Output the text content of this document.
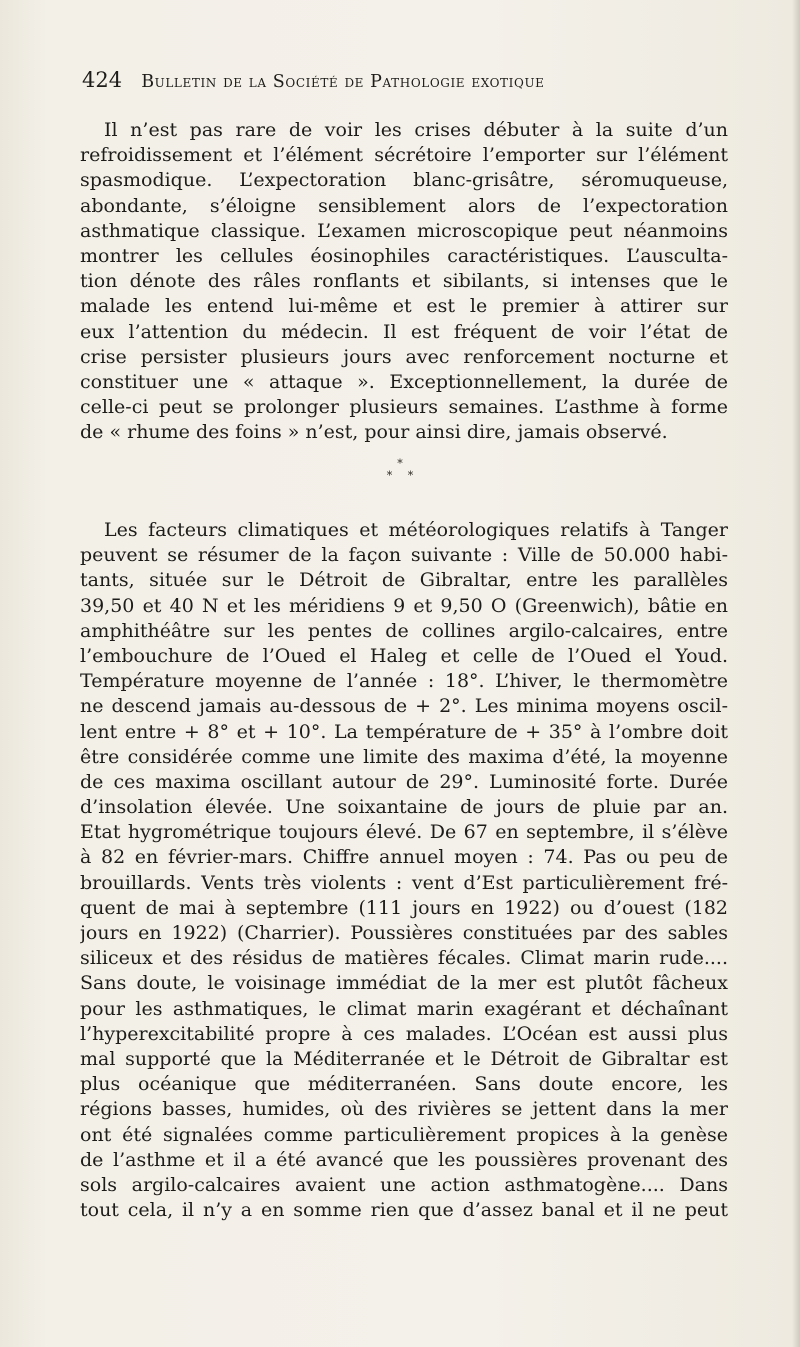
424 Bulletin de la Société de Pathologie exotique
Il n’est pas rare de voir les crises débuter à la suite d’un
refroidissement et l’élément sécrétoire l’emporter sur l’élément
spasmodique. L’expectoration blanc-grisâtre, séromuqueuse,
abondante, s’éloigne sensiblement alors de l’expectoration
asthmatique classique. L’examen microscopique peut néanmoins
montrer les cellules éosinophiles caractéristiques. L’ausculta-
tion dénote des râles ronflants et sibilants, si intenses que le
malade les entend lui-même et est le premier à attirer sur
eux l’attention du médecin. Il est fréquent de voir l’état de
crise persister plusieurs jours avec renforcement nocturne et
constituer une « attaque ». Exceptionnellement, la durée de
celle-ci peut se prolonger plusieurs semaines. L’asthme à forme
de « rhume des foins » n’est, pour ainsi dire, jamais observé.
*
* *
Les facteurs climatiques et météorologiques relatifs à Tanger
peuvent se résumer de la façon suivante : Ville de 50.000 habi-
tants, située sur le Détroit de Gibraltar, entre les parallèles
39,50 et 40 N et les méridiens 9 et 9,50 O (Greenwich), bâtie en
amphithéâtre sur les pentes de collines argilo-calcaires, entre
l’embouchure de l’Oued el Haleg et celle de l’Oued el Youd.
Température moyenne de l’année : 18°. L’hiver, le thermomètre
ne descend jamais au-dessous de + 2°. Les minima moyens oscil-
lent entre + 8° et + 10°. La température de + 35° à l’ombre doit
être considérée comme une limite des maxima d’été, la moyenne
de ces maxima oscillant autour de 29°. Luminosité forte. Durée
d’insolation élevée. Une soixantaine de jours de pluie par an.
Etat hygrométrique toujours élevé. De 67 en septembre, il s’élève
à 82 en février-mars. Chiffre annuel moyen : 74. Pas ou peu de
brouillards. Vents très violents : vent d’Est particulièrement fré-
quent de mai à septembre (111 jours en 1922) ou d’ouest (182
jours en 1922) (Charrier). Poussières constituées par des sables
siliceux et des résidus de matières fécales. Climat marin rude....
Sans doute, le voisinage immédiat de la mer est plutôt fâcheux
pour les asthmatiques, le climat marin exagérant et déchaînant
l’hyperexcitabilité propre à ces malades. L’Océan est aussi plus
mal supporté que la Méditerranée et le Détroit de Gibraltar est
plus océanique que méditerranéen. Sans doute encore, les
régions basses, humides, où des rivières se jettent dans la mer
ont été signalées comme particulièrement propices à la genèse
de l’asthme et il a été avancé que les poussières provenant des
sols argilo-calcaires avaient une action asthmatogène.... Dans
tout cela, il n’y a en somme rien que d’assez banal et il ne peut
